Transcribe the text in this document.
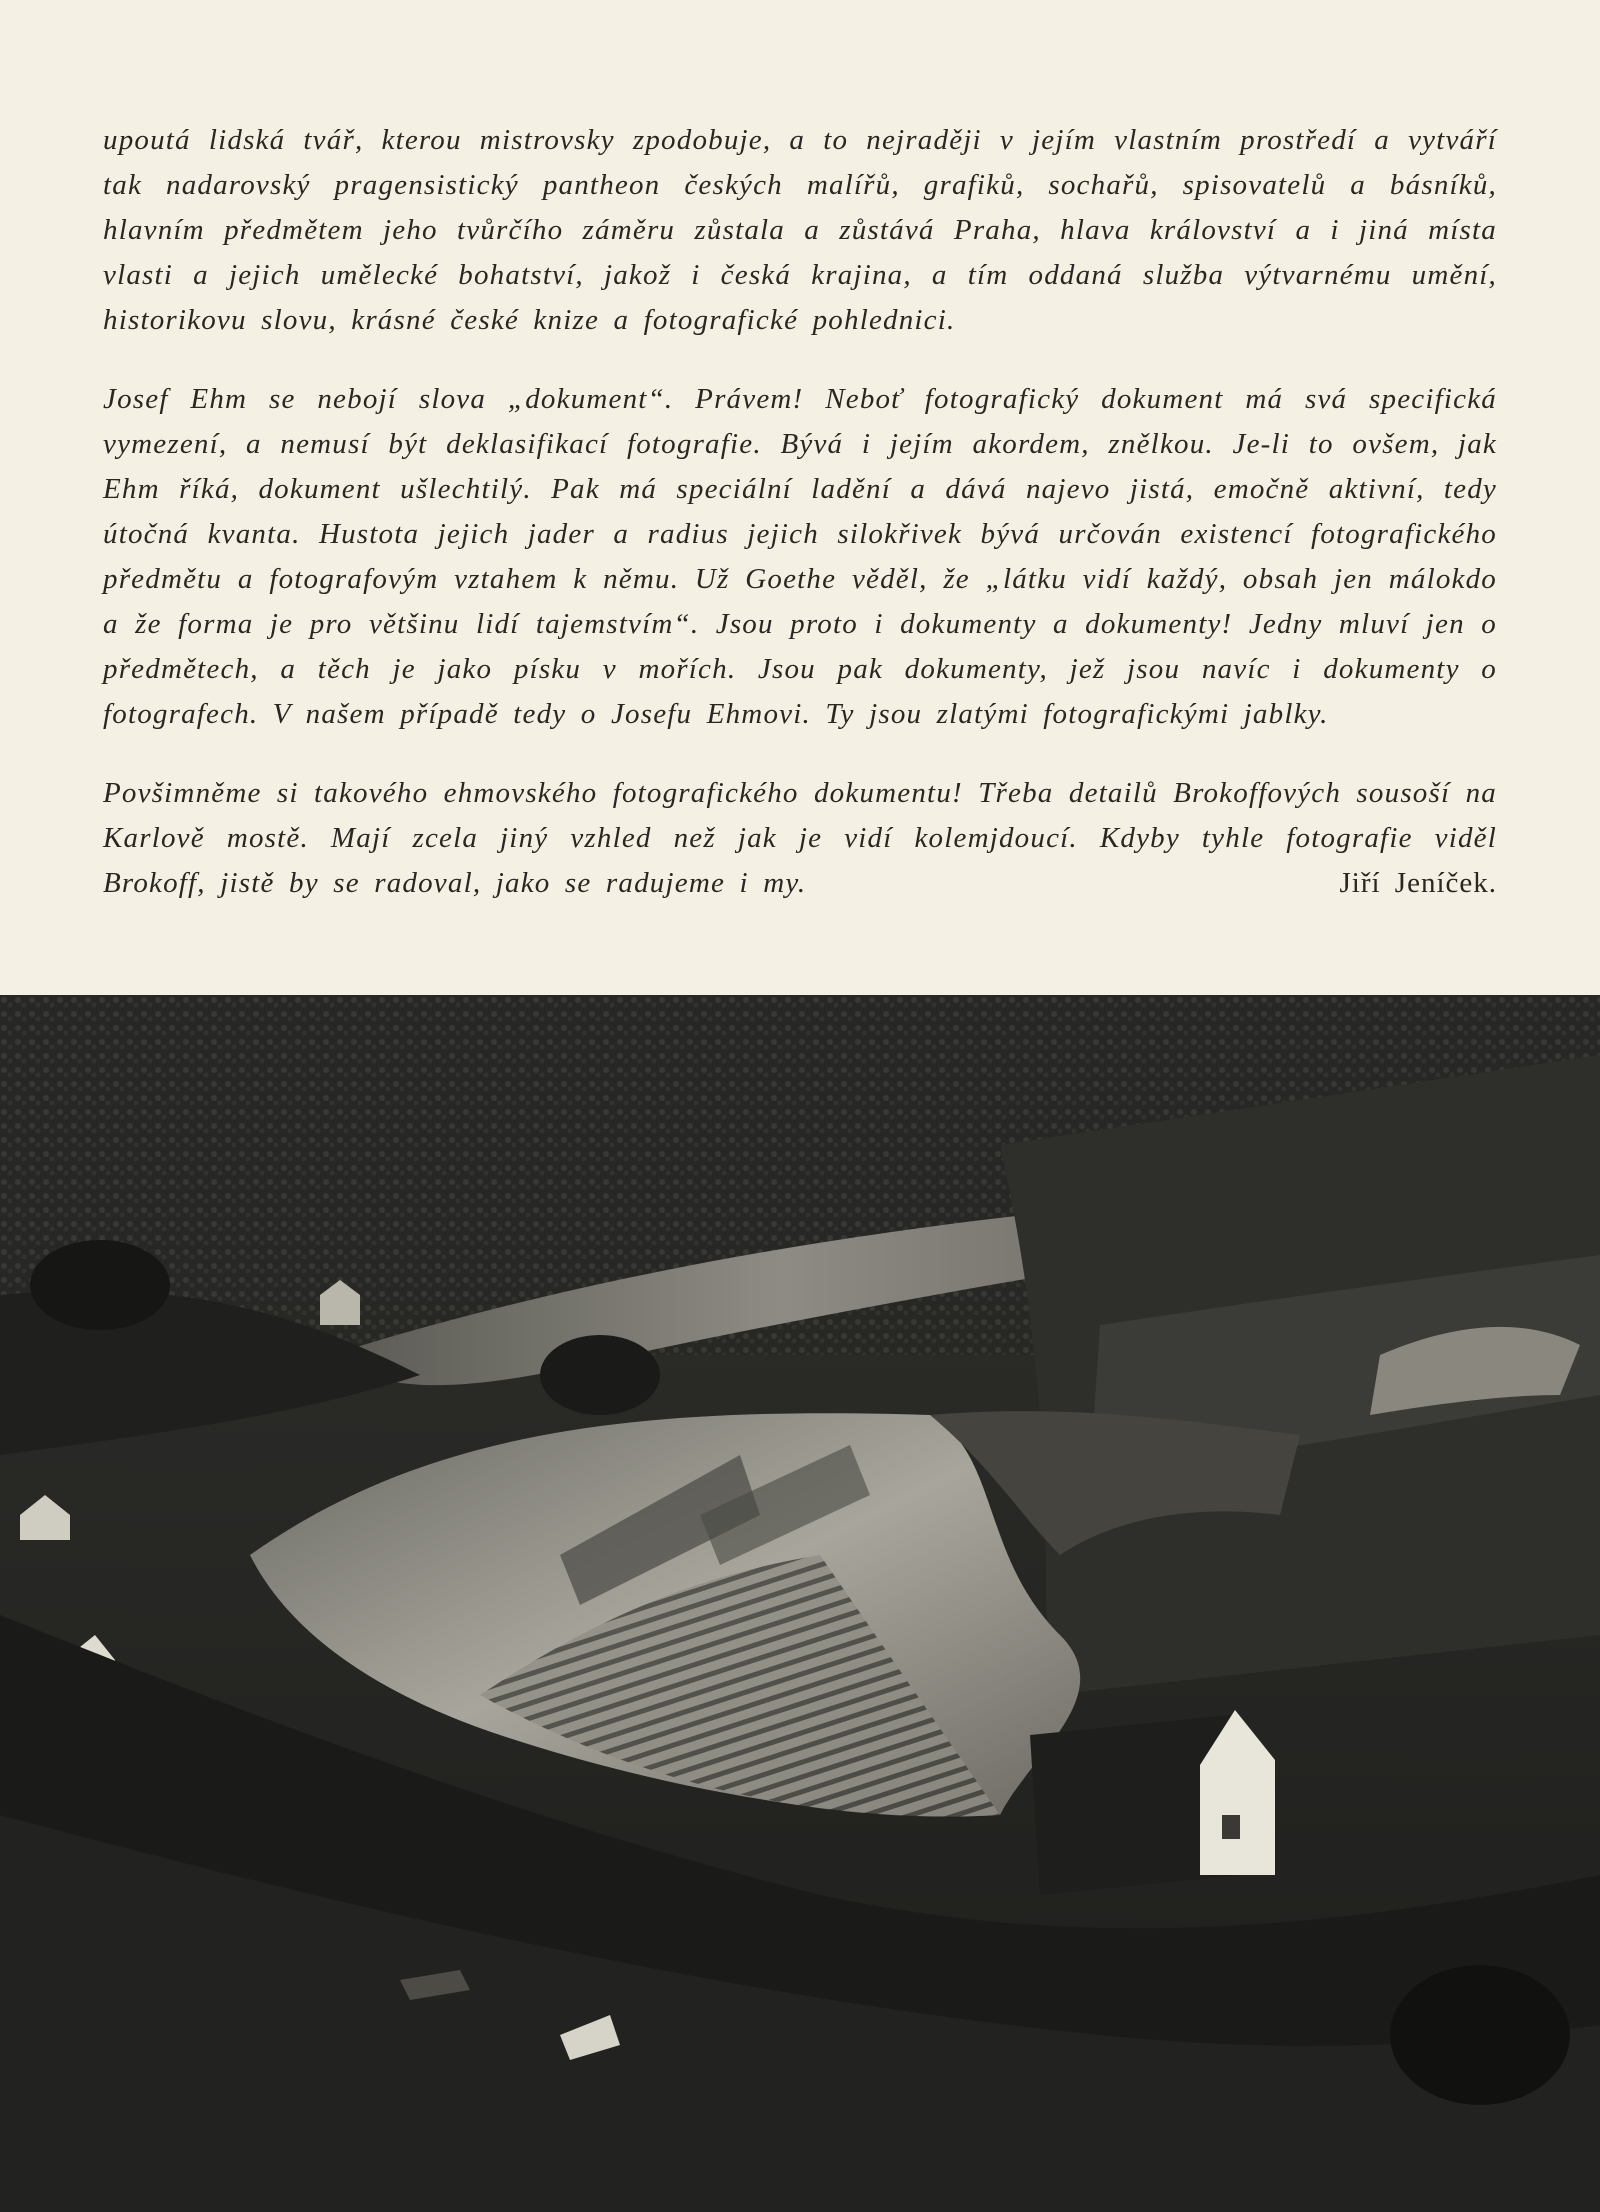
upoutá lidská tvář, kterou mistrovsky zpodobuje, a to nejraději v jejím vlastním prostředí a vytváří tak nadarovský pragensistický pantheon českých malířů, grafiků, sochařů, spisovatelů a básníků, hlavním předmětem jeho tvůrčího záměru zůstala a zůstává Praha, hlava království a i jiná místa vlasti a jejich umělecké bohatství, jakož i česká krajina, a tím oddaná služba výtvarnému umění, historikovu slovu, krásné české knize a fotografické pohlednici.

Josef Ehm se nebojí slova „dokument“. Právem! Neboť fotografický dokument má svá specifická vymezení, a nemusí být deklasifikací fotografie. Bývá i jejím akordem, znělkou. Je-li to ovšem, jak Ehm říká, dokument ušlechtilý. Pak má speciální ladění a dává najevo jistá, emočně aktivní, tedy útočná kvanta. Hustota jejich jader a radius jejich silokřivek bývá určován existencí fotografického předmětu a fotografovým vztahem k němu. Už Goethe věděl, že „látku vidí každý, obsah jen málokdo a že forma je pro většinu lidí tajemstvím“. Jsou proto i dokumenty a dokumenty! Jedny mluví jen o předmětech, a těch je jako písku v mořích. Jsou pak dokumenty, jež jsou navíc i dokumenty o fotografech. V našem případě tedy o Josefu Ehmovi. Ty jsou zlatými fotografickými jablky.

Povšimněme si takového ehmovského fotografického dokumentu! Třeba detailů Brokoffových sousoší na Karlově mostě. Mají zcela jiný vzhled než jak je vidí kolemjdoucí. Kdyby tyhle fotografie viděl Brokoff, jistě by se radoval, jako se radujeme i my.	Jiří Jeníček.
